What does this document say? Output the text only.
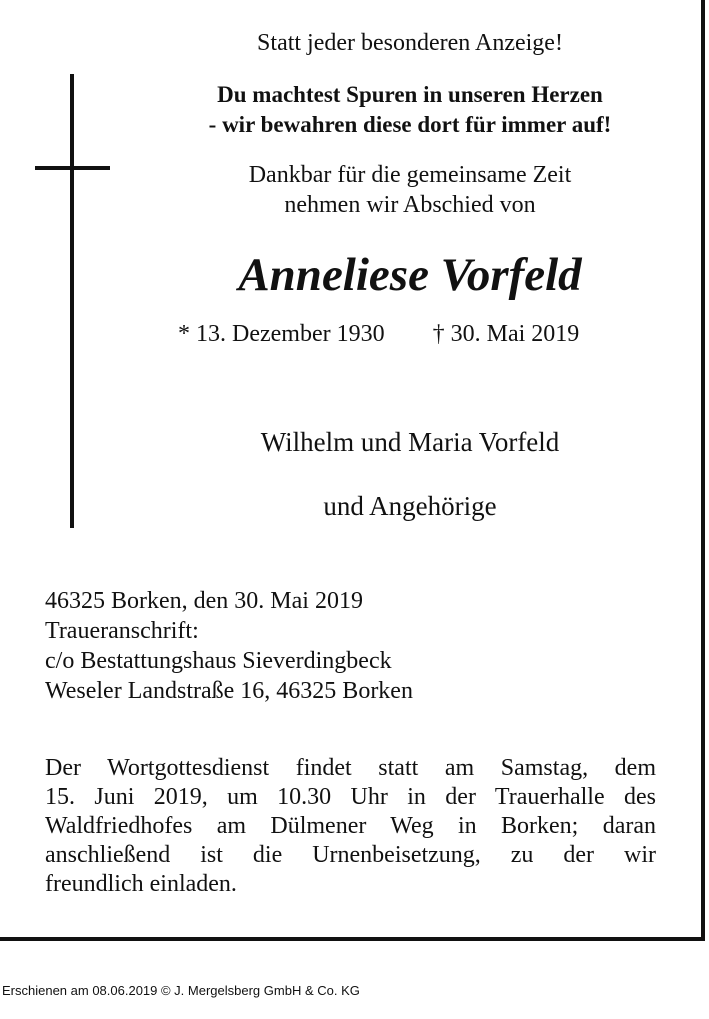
Statt jeder besonderen Anzeige!
Du machtest Spuren in unseren Herzen
- wir bewahren diese dort für immer auf!
Dankbar für die gemeinsame Zeit
nehmen wir Abschied von
Anneliese Vorfeld
* 13. Dezember 1930 † 30. Mai 2019
Wilhelm und Maria Vorfeld
und Angehörige
46325 Borken, den 30. Mai 2019
Traueranschrift:
c/o Bestattungshaus Sieverdingbeck
Weseler Landstraße 16, 46325 Borken
Der Wortgottesdienst findet statt am Samstag, dem
15. Juni 2019, um 10.30 Uhr in der Trauerhalle des
Waldfriedhofes am Dülmener Weg in Borken; daran
anschließend ist die Urnenbeisetzung, zu der wir
freundlich einladen.
Erschienen am 08.06.2019 © J. Mergelsberg GmbH & Co. KG
